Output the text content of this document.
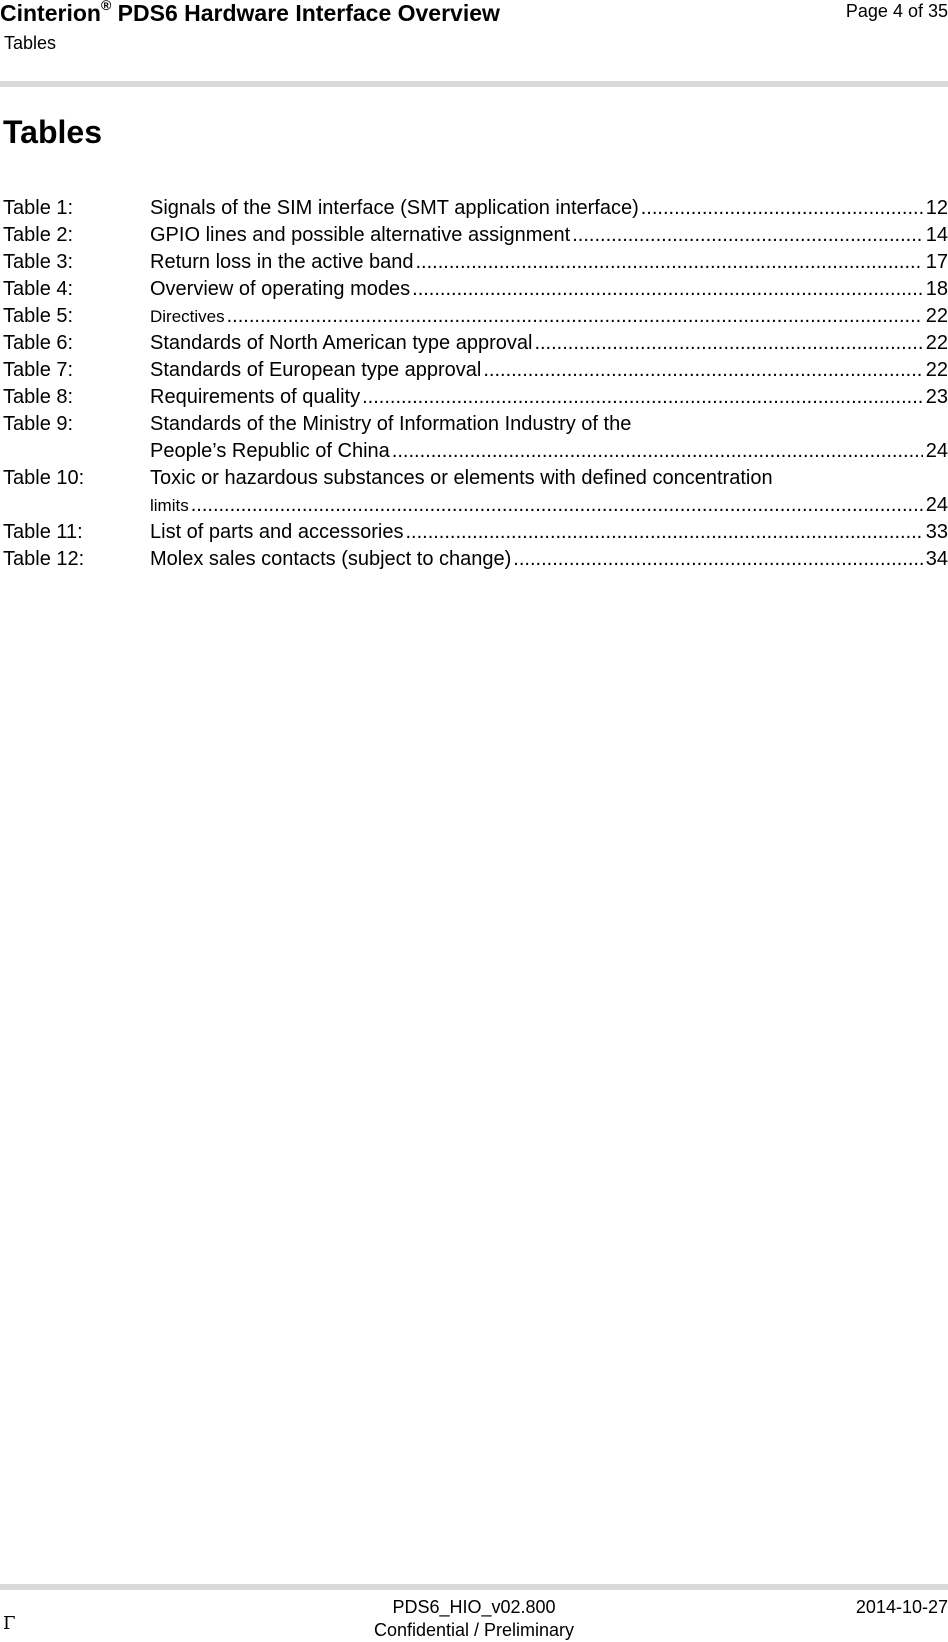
Cinterion® PDS6 Hardware Interface Overview
Tables
Page 4 of 35
Tables
Table 1:	Signals of the SIM interface (SMT application interface) .....	12
Table 2:	GPIO lines and possible alternative assignment .....	14
Table 3:	Return loss in the active band .....	17
Table 4:	Overview of operating modes .....	18
Table 5:	Directives .....	22
Table 6:	Standards of North American type approval .....	22
Table 7:	Standards of European type approval .....	22
Table 8:	Requirements of quality .....	23
Table 9:	Standards of the Ministry of Information Industry of the
People’s Republic of China .....	24
Table 10:	Toxic or hazardous substances or elements with defined concentration
limits .....	24
Table 11:	List of parts and accessories .....	33
Table 12:	Molex sales contacts (subject to change) .....	34
Γ
PDS6_HIO_v02.800
Confidential / Preliminary
2014-10-27
